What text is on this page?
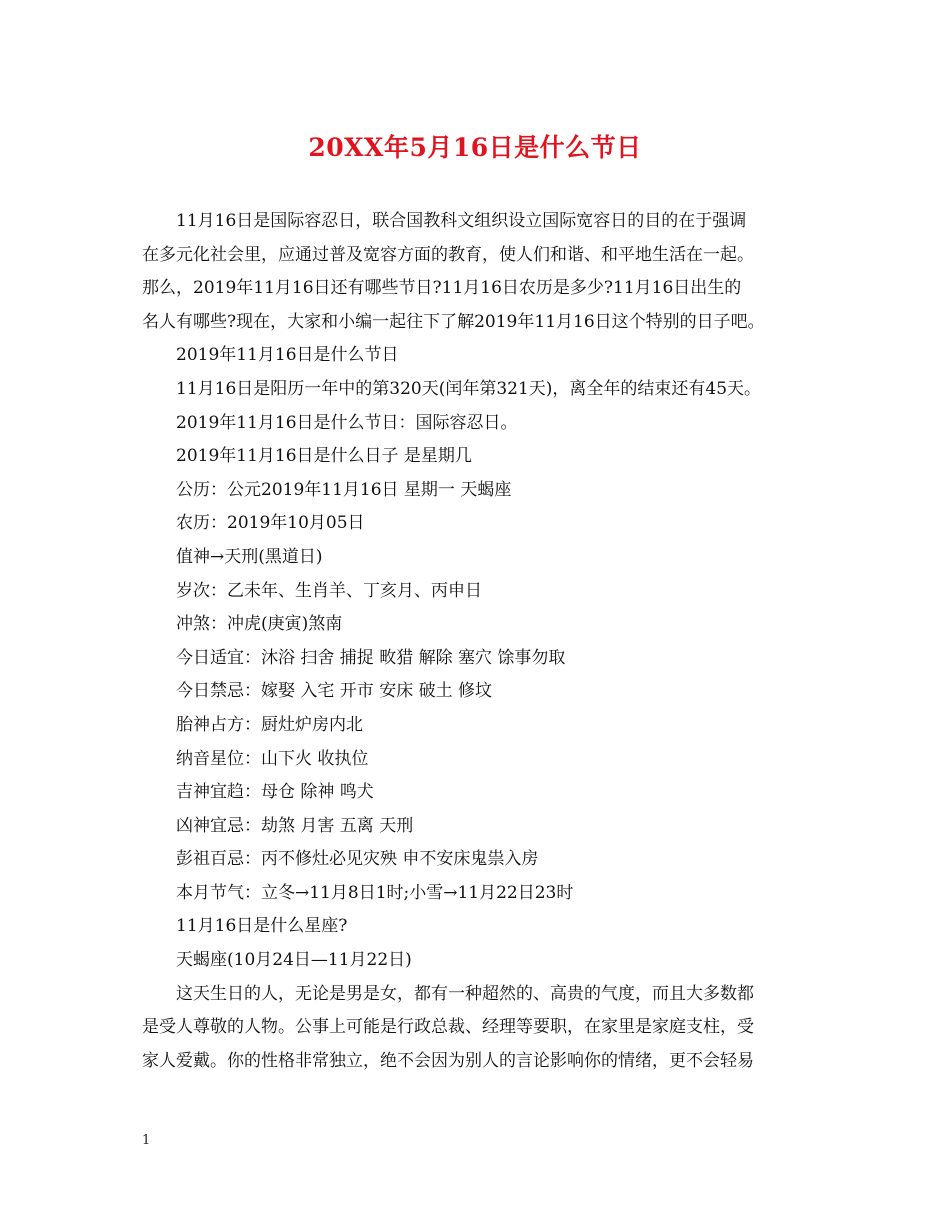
20XX年5月16日是什么节日

11月16日是国际容忍日，联合国教科文组织设立国际宽容日的目的在于强调

在多元化社会里，应通过普及宽容方面的教育，使人们和谐、和平地生活在一起。

那么，2019年11月16日还有哪些节日?11月16日农历是多少?11月16日出生的

名人有哪些?现在，大家和小编一起往下了解2019年11月16日这个特别的日子吧。

2019年11月16日是什么节日

11月16日是阳历一年中的第320天(闰年第321天)，离全年的结束还有45天。

2019年11月16日是什么节日：国际容忍日。

2019年11月16日是什么日子 是星期几

公历：公元2019年11月16日 星期一 天蝎座

农历：2019年10月05日

值神→天刑(黑道日)

岁次：乙未年、生肖羊、丁亥月、丙申日

冲煞：冲虎(庚寅)煞南

今日适宜：沐浴 扫舍 捕捉 畋猎 解除 塞穴 馀事勿取

今日禁忌：嫁娶 入宅 开市 安床 破土 修坟

胎神占方：厨灶炉房内北

纳音星位：山下火 收执位

吉神宜趋：母仓 除神 鸣犬

凶神宜忌：劫煞 月害 五离 天刑

彭祖百忌：丙不修灶必见灾殃 申不安床鬼祟入房

本月节气：立冬→11月8日1时;小雪→11月22日23时

11月16日是什么星座?

天蝎座(10月24日—11月22日)

这天生日的人，无论是男是女，都有一种超然的、高贵的气度，而且大多数都

是受人尊敬的人物。公事上可能是行政总裁、经理等要职，在家里是家庭支柱，受

家人爱戴。你的性格非常独立，绝不会因为别人的言论影响你的情绪，更不会轻易

1
